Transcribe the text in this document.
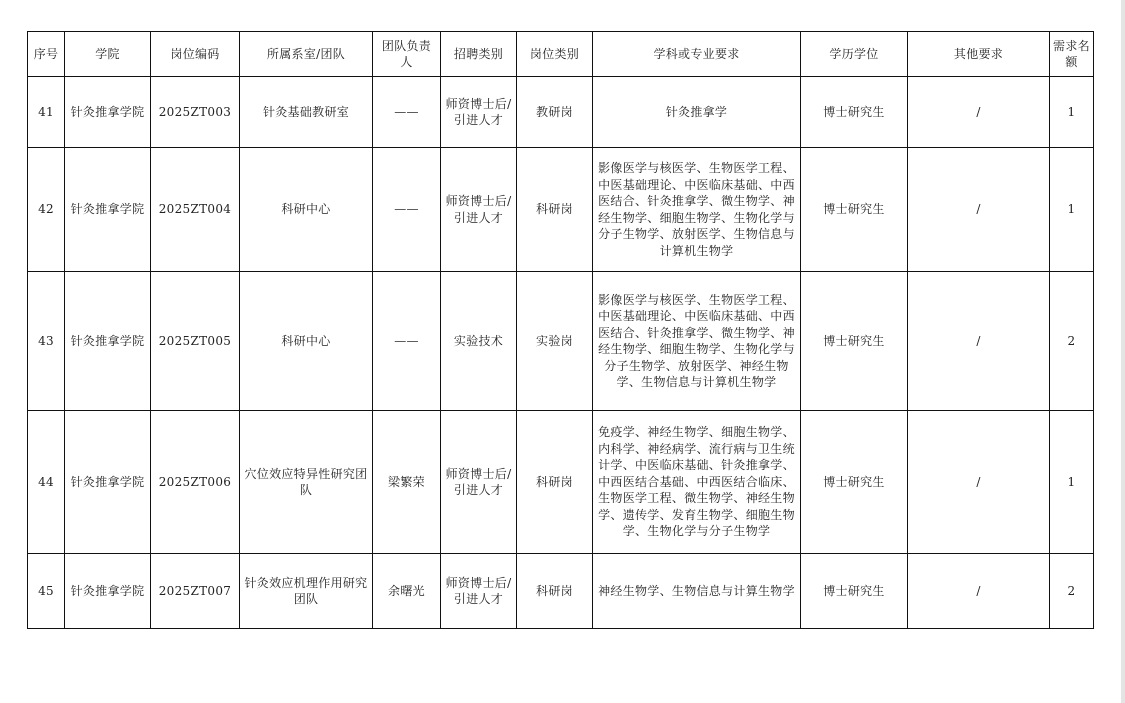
序号	学院	岗位编码	所属系室/团队	团队负责人	招聘类别	岗位类别	学科或专业要求	学历学位	其他要求	需求名额
41	针灸推拿学院	2025ZT003	针灸基础教研室	——	师资博士后/引进人才	教研岗	针灸推拿学	博士研究生	/	1
42	针灸推拿学院	2025ZT004	科研中心	——	师资博士后/引进人才	科研岗	影像医学与核医学、生物医学工程、中医基础理论、中医临床基础、中西医结合、针灸推拿学、微生物学、神经生物学、细胞生物学、生物化学与分子生物学、放射医学、生物信息与计算机生物学	博士研究生	/	1
43	针灸推拿学院	2025ZT005	科研中心	——	实验技术	实验岗	影像医学与核医学、生物医学工程、中医基础理论、中医临床基础、中西医结合、针灸推拿学、微生物学、神经生物学、细胞生物学、生物化学与分子生物学、放射医学、神经生物学、生物信息与计算机生物学	博士研究生	/	2
44	针灸推拿学院	2025ZT006	穴位效应特异性研究团队	梁繁荣	师资博士后/引进人才	科研岗	免疫学、神经生物学、细胞生物学、内科学、神经病学、流行病与卫生统计学、中医临床基础、针灸推拿学、中西医结合基础、中西医结合临床、生物医学工程、微生物学、神经生物学、遗传学、发育生物学、细胞生物学、生物化学与分子生物学	博士研究生	/	1
45	针灸推拿学院	2025ZT007	针灸效应机理作用研究团队	余曙光	师资博士后/引进人才	科研岗	神经生物学、生物信息与计算生物学	博士研究生	/	2
